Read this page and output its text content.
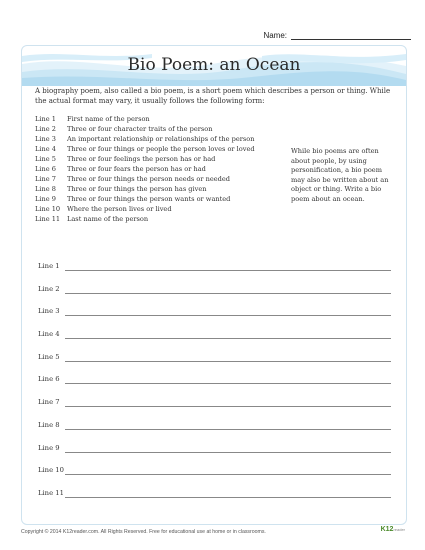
Name:
Bio Poem: an Ocean
A biography poem, also called a bio poem, is a short poem which describes a person or thing. While the actual format may vary, it usually follows the following form:
Line 1	First name of the person
Line 2	Three or four character traits of the person
Line 3	An important relationship or relationships of the person
Line 4	Three or four things or people the person loves or loved
Line 5	Three or four feelings the person has or had
Line 6	Three or four fears the person has or had
Line 7	Three or four things the person needs or needed
Line 8	Three or four things the person has given
Line 9	Three or four things the person wants or wanted
Line 10	Where the person lives or lived
Line 11	Last name of the person
While bio poems are often about people, by using personification, a bio poem may also be written about an object or thing. Write a bio poem about an ocean.
Line 1
Line 2
Line 3
Line 4
Line 5
Line 6
Line 7
Line 8
Line 9
Line 10
Line 11
Copyright © 2014 K12reader.com. All Rights Reserved. Free for educational use at home or in classrooms.	K12reader
